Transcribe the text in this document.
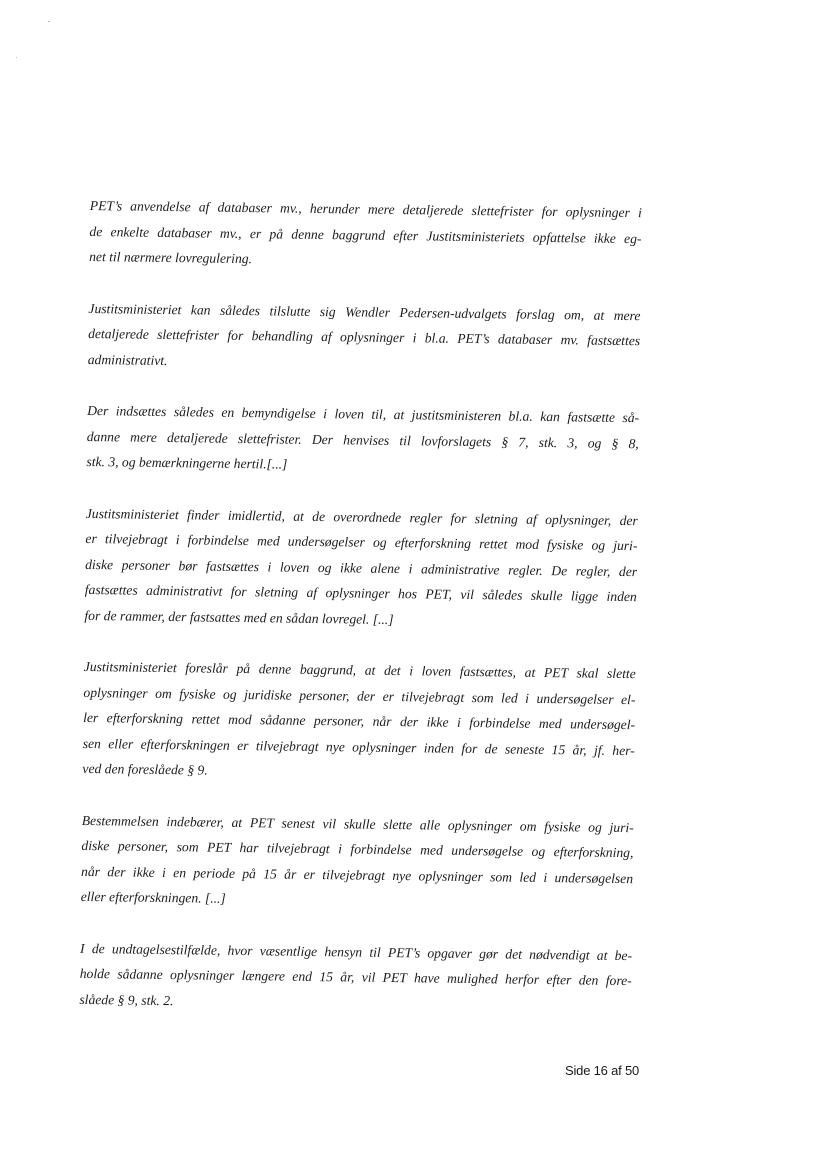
PET’s anvendelse af databaser mv., herunder mere detaljerede slettefrister for oplysninger i
de enkelte databaser mv., er på denne baggrund efter Justitsministeriets opfattelse ikke eg-
net til nærmere lovregulering.

Justitsministeriet kan således tilslutte sig Wendler Pedersen-udvalgets forslag om, at mere
detaljerede slettefrister for behandling af oplysninger i bl.a. PET’s databaser mv. fastsættes
administrativt.

Der indsættes således en bemyndigelse i loven til, at justitsministeren bl.a. kan fastsætte så-
danne mere detaljerede slettefrister. Der henvises til lovforslagets § 7, stk. 3, og § 8,
stk. 3, og bemærkningerne hertil.[...]

Justitsministeriet finder imidlertid, at de overordnede regler for sletning af oplysninger, der
er tilvejebragt i forbindelse med undersøgelser og efterforskning rettet mod fysiske og juri-
diske personer bør fastsættes i loven og ikke alene i administrative regler. De regler, der
fastsættes administrativt for sletning af oplysninger hos PET, vil således skulle ligge inden
for de rammer, der fastsattes med en sådan lovregel. [...]

Justitsministeriet foreslår på denne baggrund, at det i loven fastsættes, at PET skal slette
oplysninger om fysiske og juridiske personer, der er tilvejebragt som led i undersøgelser el-
ler efterforskning rettet mod sådanne personer, når der ikke i forbindelse med undersøgel-
sen eller efterforskningen er tilvejebragt nye oplysninger inden for de seneste 15 år, jf. her-
ved den foreslåede § 9.

Bestemmelsen indebærer, at PET senest vil skulle slette alle oplysninger om fysiske og juri-
diske personer, som PET har tilvejebragt i forbindelse med undersøgelse og efterforskning,
når der ikke i en periode på 15 år er tilvejebragt nye oplysninger som led i undersøgelsen
eller efterforskningen. [...]

I de undtagelsestilfælde, hvor væsentlige hensyn til PET’s opgaver gør det nødvendigt at be-
holde sådanne oplysninger længere end 15 år, vil PET have mulighed herfor efter den fore-
slåede § 9, stk. 2.

Side 16 af 50
